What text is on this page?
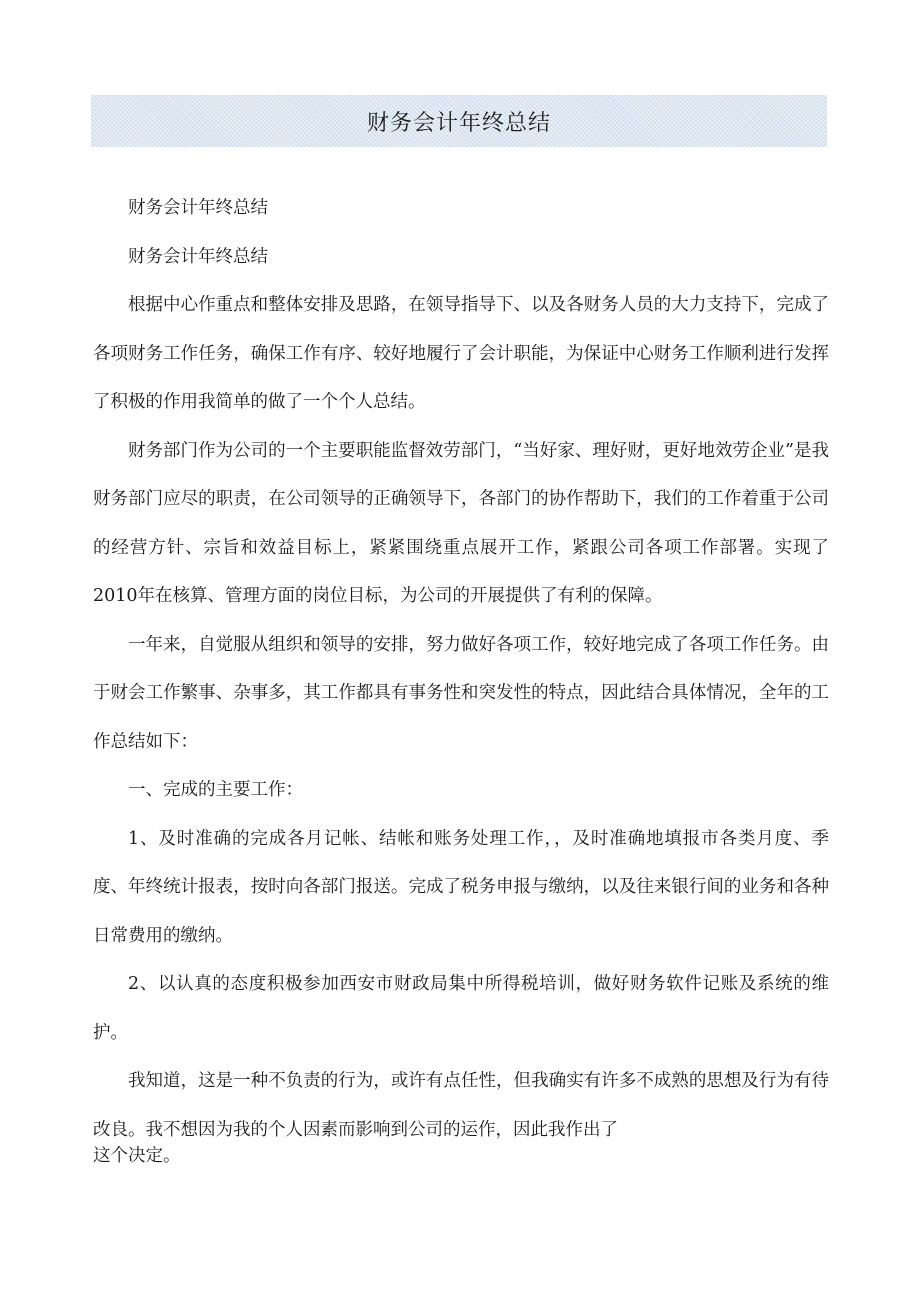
财务会计年终总结

财务会计年终总结

财务会计年终总结

根据中心作重点和整体安排及思路，在领导指导下、以及各财务人员的大力支持下，完成了各项财务工作任务，确保工作有序、较好地履行了会计职能，为保证中心财务工作顺利进行发挥了积极的作用我简单的做了一个个人总结。

财务部门作为公司的一个主要职能监督效劳部门，“当好家、理好财，更好地效劳企业”是我财务部门应尽的职责，在公司领导的正确领导下，各部门的协作帮助下，我们的工作着重于公司的经营方针、宗旨和效益目标上，紧紧围绕重点展开工作，紧跟公司各项工作部署。实现了2010年在核算、管理方面的岗位目标，为公司的开展提供了有利的保障。

一年来，自觉服从组织和领导的安排，努力做好各项工作，较好地完成了各项工作任务。由于财会工作繁事、杂事多，其工作都具有事务性和突发性的特点，因此结合具体情况，全年的工作总结如下：

一、完成的主要工作：

1、及时准确的完成各月记帐、结帐和账务处理工作，，及时准确地填报市各类月度、季度、年终统计报表，按时向各部门报送。完成了税务申报与缴纳，以及往来银行间的业务和各种日常费用的缴纳。

2、以认真的态度积极参加西安市财政局集中所得税培训，做好财务软件记账及系统的维护。

我知道，这是一种不负责的行为，或许有点任性，但我确实有许多不成熟的思想及行为有待改良。我不想因为我的个人因素而影响到公司的运作，因此我作出了
这个决定。
